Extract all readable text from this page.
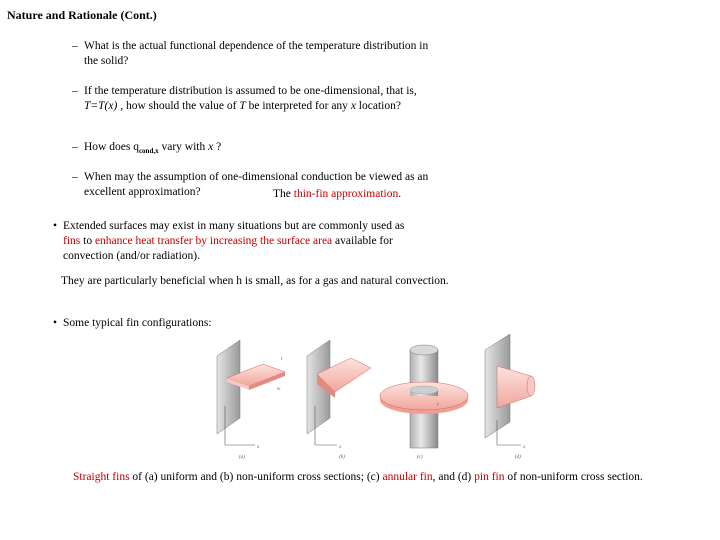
Nature and Rationale (Cont.)
– What is the actual functional dependence of the temperature distribution in
the solid?
– If the temperature distribution is assumed to be one-dimensional, that is,
T=T(x) , how should the value of T be interpreted for any x location?
– How does $q_{cond,x}$ vary with x ?
– When may the assumption of one-dimensional conduction be viewed as an
excellent approximation?	The thin-fin approximation.
• Extended surfaces may exist in many situations but are commonly used as
fins to enhance heat transfer by increasing the surface area available for
convection (and/or radiation).
They are particularly beneficial when h is small, as for a gas and natural convection.
• Some typical fin configurations:
x
t
w
(a)
x
(b)
r
(c)
x
(d)
Straight fins of (a) uniform and (b) non-uniform cross sections; (c) annular fin, and (d) pin fin of non-uniform cross section.
